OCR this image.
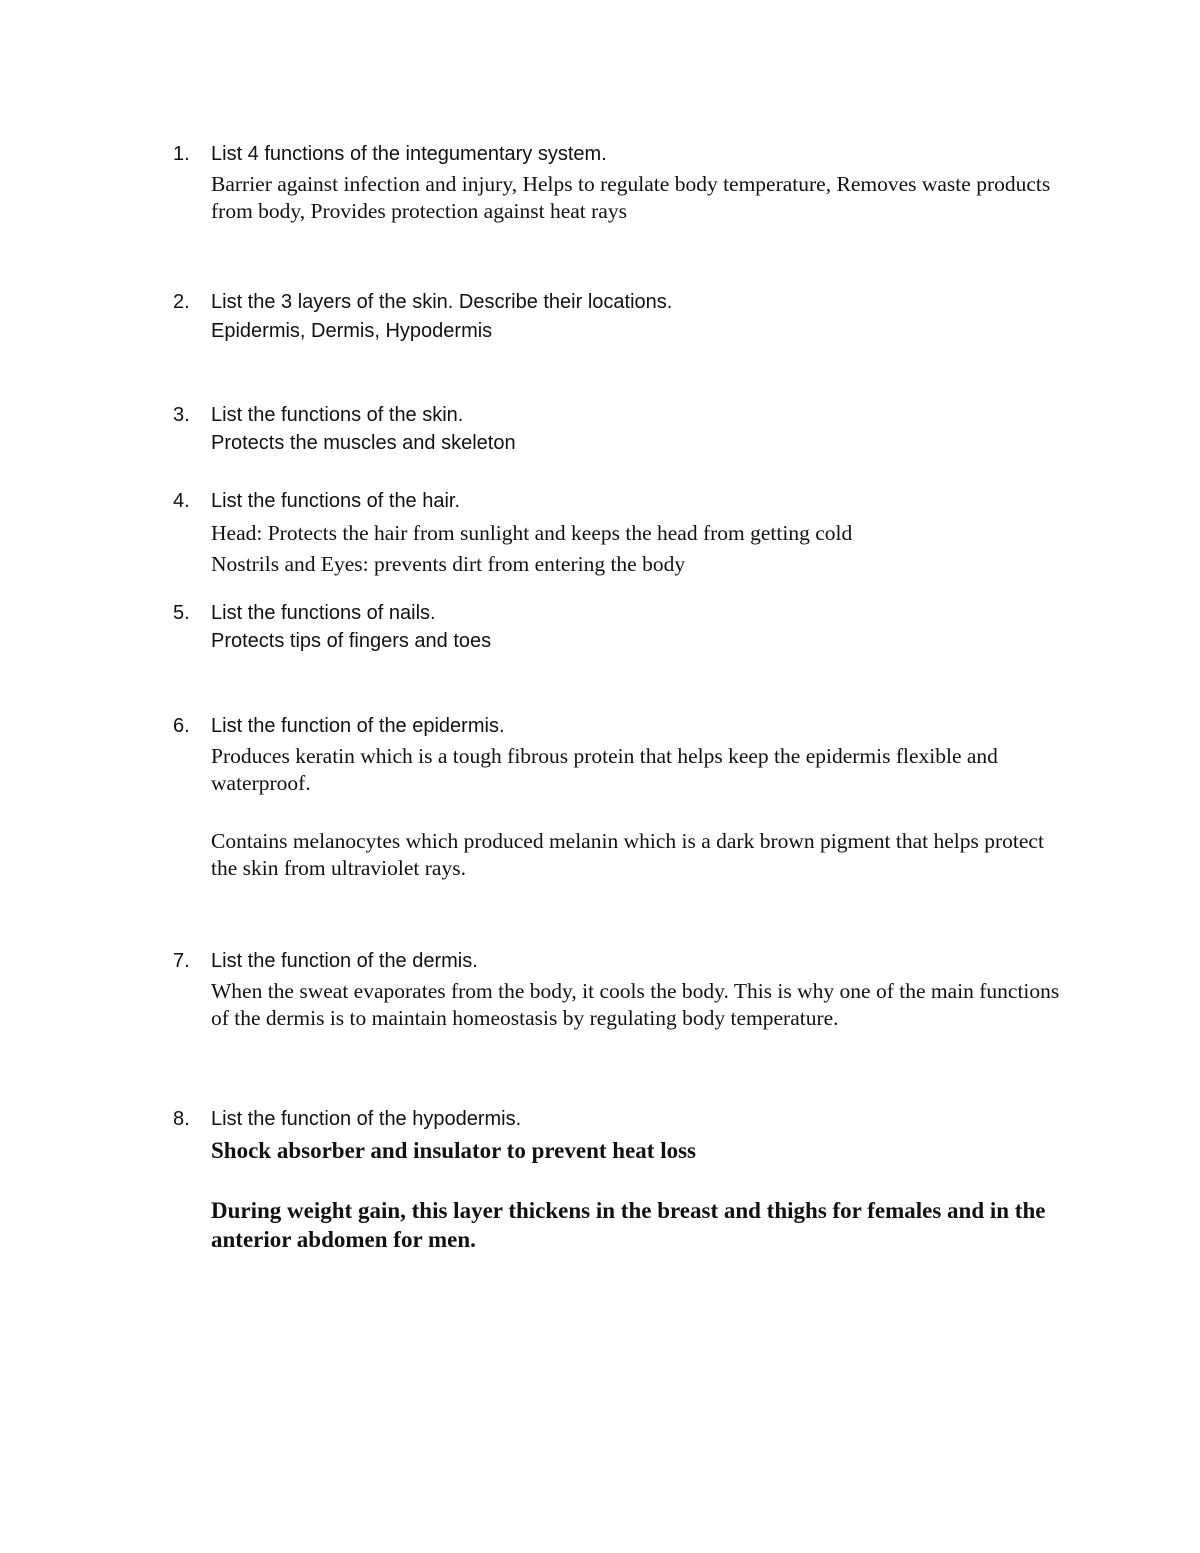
1. List 4 functions of the integumentary system.

Barrier against infection and injury, Helps to regulate body temperature, Removes waste products from body, Provides protection against heat rays

2. List the 3 layers of the skin. Describe their locations.

Epidermis, Dermis, Hypodermis

3. List the functions of the skin.

Protects the muscles and skeleton

4. List the functions of the hair.

Head: Protects the hair from sunlight and keeps the head from getting cold

Nostrils and Eyes: prevents dirt from entering the body

5. List the functions of nails.

Protects tips of fingers and toes

6. List the function of the epidermis.

Produces keratin which is a tough fibrous protein that helps keep the epidermis flexible and waterproof.

Contains melanocytes which produced melanin which is a dark brown pigment that helps protect the skin from ultraviolet rays.

7. List the function of the dermis.

When the sweat evaporates from the body, it cools the body. This is why one of the main functions of the dermis is to maintain homeostasis by regulating body temperature.

8. List the function of the hypodermis.

Shock absorber and insulator to prevent heat loss

During weight gain, this layer thickens in the breast and thighs for females and in the anterior abdomen for men.
